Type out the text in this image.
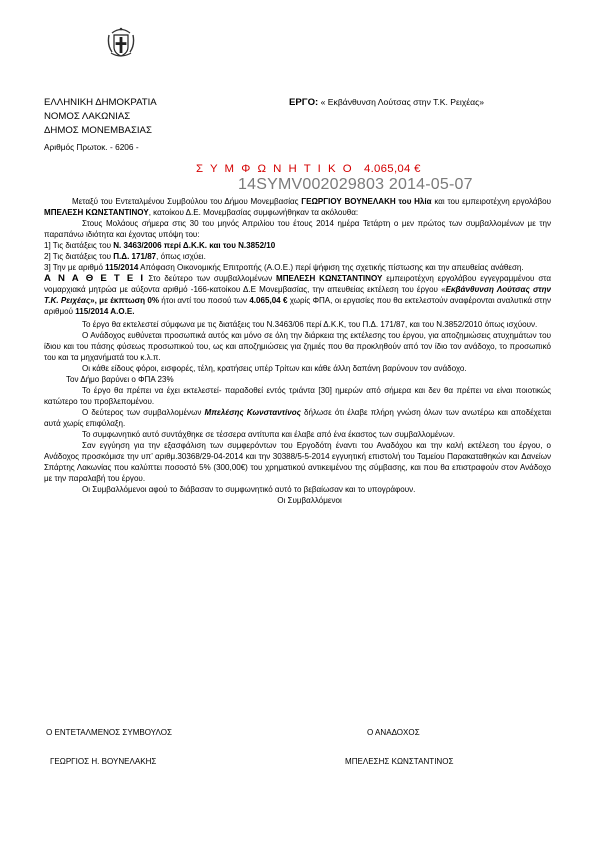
ΕΛΛΗΝΙΚΗ ΔΗΜΟΚΡΑΤΙΑ
ΝΟΜΟΣ ΛΑΚΩΝΙΑΣ
ΔΗΜΟΣ ΜΟΝΕΜΒΑΣΙΑΣ
Αριθμός Πρωτοκ. - 6206 -
ΕΡΓΟ: « Εκβάνθυνση Λούτσας στην Τ.Κ. Ρειχέας»
Σ Υ Μ Φ Ω Ν Η Τ Ι Κ Ο 4.065,04 €
14SYMV002029803 2014-05-07

Μεταξύ του Εντεταλμένου Συμβούλου του Δήμου Μονεμβασίας ΓΕΩΡΓΙΟΥ ΒΟΥΝΕΛΑΚΗ του Ηλία και του εμπειροτέχνη εργολάβου ΜΠΕΛΕΣΗ ΚΩΝΣΤΑΝΤΙΝΟΥ, κατοίκου Δ.Ε. Μονεμβασίας συμφωνήθηκαν τα ακόλουθα:

Στους Μολάους σήμερα στις 30 του μηνός Απριλίου του έτους 2014 ημέρα Τετάρτη ο μεν πρώτος των συμβαλλομένων με την παραπάνω ιδιότητα και έχοντας υπόψη του:

1] Τις διατάξεις του Ν. 3463/2006 περί Δ.Κ.Κ. και του Ν.3852/10

2] Τις διατάξεις του Π.Δ. 171/87, όπως ισχύει.

3] Την με αριθμό 115/2014 Απόφαση Οικονομικής Επιτροπής (Α.Ο.Ε.) περί ψήφιση της σχετικής πίστωσης και την απευθείας ανάθεση.

Α Ν Α Θ Ε Τ Ε Ι Στο δεύτερο των συμβαλλομένων ΜΠΕΛΕΣΗ ΚΩΝΣΤΑΝΤΙΝΟΥ εμπειροτέχνη εργολάβου εγγεγραμμένου στα νομαρχιακά μητρώα με αύξοντα αριθμό -166-κατοίκου Δ.Ε Μονεμβασίας, την απευθείας εκτέλεση του έργου «Εκβάνθυνση Λούτσας στην Τ.Κ. Ρειχέας», με έκπτωση 0% ήτοι αντί του ποσού των 4.065,04 € χωρίς ΦΠΑ, οι εργασίες που θα εκτελεστούν αναφέρονται αναλυτικά στην αριθμού 115/2014 Α.Ο.Ε.

Το έργο θα εκτελεστεί σύμφωνα με τις διατάξεις του Ν.3463/06 περί Δ.Κ.Κ, του Π.Δ. 171/87, και του Ν.3852/2010 όπως ισχύουν.

Ο Ανάδοχος ευθύνεται προσωπικά αυτός και μόνο σε όλη την διάρκεια της εκτέλεσης του έργου, για αποζημιώσεις ατυχημάτων του ίδιου και του πάσης φύσεως προσωπικού του, ως και αποζημιώσεις για ζημιές που θα προκληθούν από τον ίδιο τον ανάδοχο, το προσωπικό του και τα μηχανήματά του κ.λ.π.

Οι κάθε είδους φόροι, εισφορές, τέλη, κρατήσεις υπέρ Τρίτων και κάθε άλλη δαπάνη βαρύνουν τον ανάδοχο.

Τον Δήμο βαρύνει ο ΦΠΑ 23%

Το έργο θα πρέπει να έχει εκτελεστεί- παραδοθεί εντός τριάντα [30] ημερών από σήμερα και δεν θα πρέπει να είναι ποιοτικώς κατώτερο του προβλεπομένου.

Ο δεύτερος των συμβαλλομένων Μπελέσης Κωνσταντίνος δήλωσε ότι έλαβε πλήρη γνώση όλων των ανωτέρω και αποδέχεται αυτά χωρίς επιφύλαξη.

Το συμφωνητικό αυτό συντάχθηκε σε τέσσερα αντίτυπα και έλαβε από ένα έκαστος των συμβαλλομένων.

Σαν εγγύηση για την εξασφάλιση των συμφερόντων του Εργοδότη έναντι του Αναδόχου και την καλή εκτέλεση του έργου, ο Ανάδοχος προσκόμισε την υπ’ αριθμ.30368/29-04-2014 και την 30388/5-5-2014 εγγυητική επιστολή του Ταμείου Παρακαταθηκών και Δανείων Σπάρτης Λακωνίας που καλύπτει ποσοστό 5% (300,00€) του χρηματικού αντικειμένου της σύμβασης, και που θα επιστραφούν στον Ανάδοχο με την παραλαβή του έργου.

Οι Συμβαλλόμενοι αφού το διάβασαν το συμφωνητικό αυτό το βεβαίωσαν και το υπογράφουν.

Οι Συμβαλλόμενοι

Ο ΕΝΤΕΤΑΛΜΕΝΟΣ ΣΥΜΒΟΥΛΟΣ	Ο ΑΝΑΔΟΧΟΣ
ΓΕΩΡΓΙΟΣ Η. ΒΟΥΝΕΛΑΚΗΣ	ΜΠΕΛΕΣΗΣ ΚΩΝΣΤΑΝΤΙΝΟΣ
